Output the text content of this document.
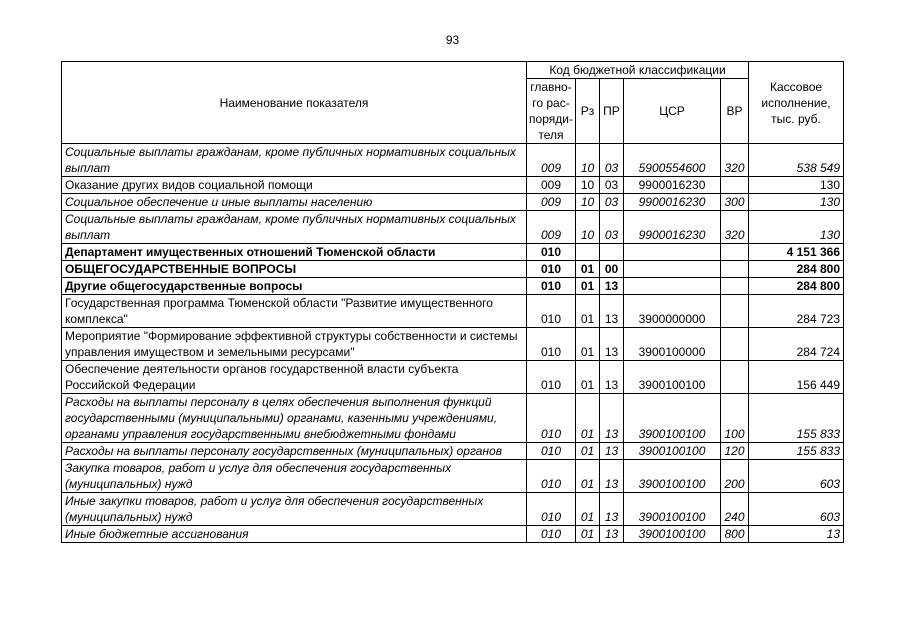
93
Наименование показателя	Код бюджетной классификации					Кассовое исполнение, тыс. руб.
	главно-го рас-поряди-теля	Рз	ПР	ЦСР	ВР	
Социальные выплаты гражданам, кроме публичных нормативных социальных выплат	009	10	03	5900554600	320	538 549
Оказание других видов социальной помощи	009	10	03	9900016230		130
Социальное обеспечение и иные выплаты населению	009	10	03	9900016230	300	130
Социальные выплаты гражданам, кроме публичных нормативных социальных выплат	009	10	03	9900016230	320	130
Департамент имущественных отношений Тюменской области	010					4 151 366
ОБЩЕГОСУДАРСТВЕННЫЕ ВОПРОСЫ	010	01	00			284 800
Другие общегосударственные вопросы	010	01	13			284 800
Государственная программа Тюменской области "Развитие имущественного комплекса"	010	01	13	3900000000		284 723
Мероприятие "Формирование эффективной структуры собственности и системы управления имуществом и земельными ресурсами"	010	01	13	3900100000		284 724
Обеспечение деятельности органов государственной власти субъекта Российской Федерации	010	01	13	3900100100		156 449
Расходы на выплаты персоналу в целях обеспечения выполнения функций государственными (муниципальными) органами, казенными учреждениями, органами управления государственными внебюджетными фондами	010	01	13	3900100100	100	155 833
Расходы на выплаты персоналу государственных (муниципальных) органов	010	01	13	3900100100	120	155 833
Закупка товаров, работ и услуг для обеспечения государственных (муниципальных) нужд	010	01	13	3900100100	200	603
Иные закупки товаров, работ и услуг для обеспечения государственных (муниципальных) нужд	010	01	13	3900100100	240	603
Иные бюджетные ассигнования	010	01	13	3900100100	800	13
